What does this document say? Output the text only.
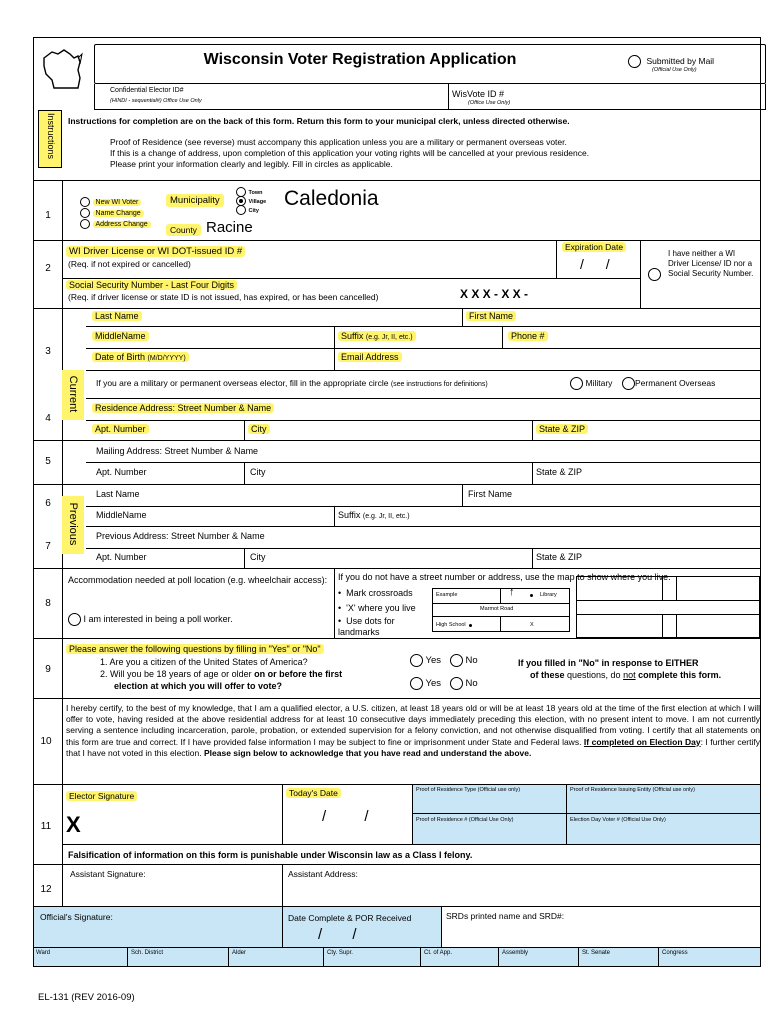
Wisconsin Voter Registration Application	Submitted by Mail
(Official Use Only)
Confidential Elector ID#
(HINDI - sequential#) Office Use Only
WisVote ID #
(Office Use Only)
Instructions Instructions for completion are on the back of this form. Return this form to your municipal clerk, unless directed otherwise.
Proof of Residence (see reverse) must accompany this application unless you are a military or permanent overseas voter.
If this is a change of address, upon completion of this application your voting rights will be cancelled at your previous residence.
Please print your information clearly and legibly. Fill in circles as applicable.
1
New WI Voter
Name Change
Address Change
Municipality
Town
Village
City
Caledonia
County Racine
2
WI Driver License or WI DOT-issued ID #
(Req. if not expired or cancelled)
Expiration Date
/ /
I have neither a WI Driver License/ ID nor a Social Security Number.
Social Security Number - Last Four Digits
(Req. if driver license or state ID is not issued, has expired, or has been cancelled)	X X X - X X -
3
Current
Last Name	First Name
MiddleName	Suffix (e.g. Jr, II, etc.)	Phone #
Date of Birth (M/D/YYYY)	Email Address
If you are a military or permanent overseas elector, fill in the appropriate circle (see instructions for definitions)	Military	Permanent Overseas
4
Residence Address: Street Number & Name
Apt. Number	City	State & ZIP
5
Mailing Address: Street Number & Name
Apt. Number	City	State & ZIP
6	Previous
Last Name	First Name
MiddleName	Suffix (e.g. Jr, II, etc.)
7
Previous Address: Street Number & Name
Apt. Number	City	State & ZIP
8
Accommodation needed at poll location (e.g. wheelchair access):
I am interested in being a poll worker.
If you do not have a street number or address, use the map to show where you live.
•  Mark crossroads
•  'X' where you live
•  Use dots for landmarks
Example	↑	Library
Marmot Road
High School	X
9
Please answer the following questions by filling in "Yes" or "No"
1. Are you a citizen of the United States of America?
2. Will you be 18 years of age or older on or before the first
election at which you will offer to vote?
Yes	No
Yes	No
If you filled in "No" in response to EITHER
of these questions, do not complete this form.
10
I hereby certify, to the best of my knowledge, that I am a qualified elector, a U.S. citizen, at least 18 years old or will be at least 18 years old at the time of the first election at which I will offer to vote, having resided at the above residential address for at least 10 consecutive days immediately preceding this election, with no present intent to move. I am not currently serving a sentence including incarceration, parole, probation, or extended supervision for a felony conviction, and not otherwise disqualified from voting. I certify that all statements on this form are true and correct. If I have provided false information I may be subject to fine or imprisonment under State and Federal laws. If completed on Election Day: I further certify that I have not voted in this election. Please sign below to acknowledge that you have read and understand the above.
11
Elector Signature
X
Today's Date
/ /
Proof of Residence Type (Official use only)	Proof of Residence Issuing Entity (Official use only)
Proof of Residence # (Official Use Only)	Election Day Voter # (Official Use Only)
Falsification of information on this form is punishable under Wisconsin law as a Class I felony.
12
Assistant Signature:	Assistant Address:
Official's Signature:	Date Complete & POR Received
/ /
SRDs printed name and SRD#:
Ward	Sch. District	Alder	Cty. Supr.	Ct. of App.	Assembly	St. Senate	Congress
EL-131 (REV 2016-09)
